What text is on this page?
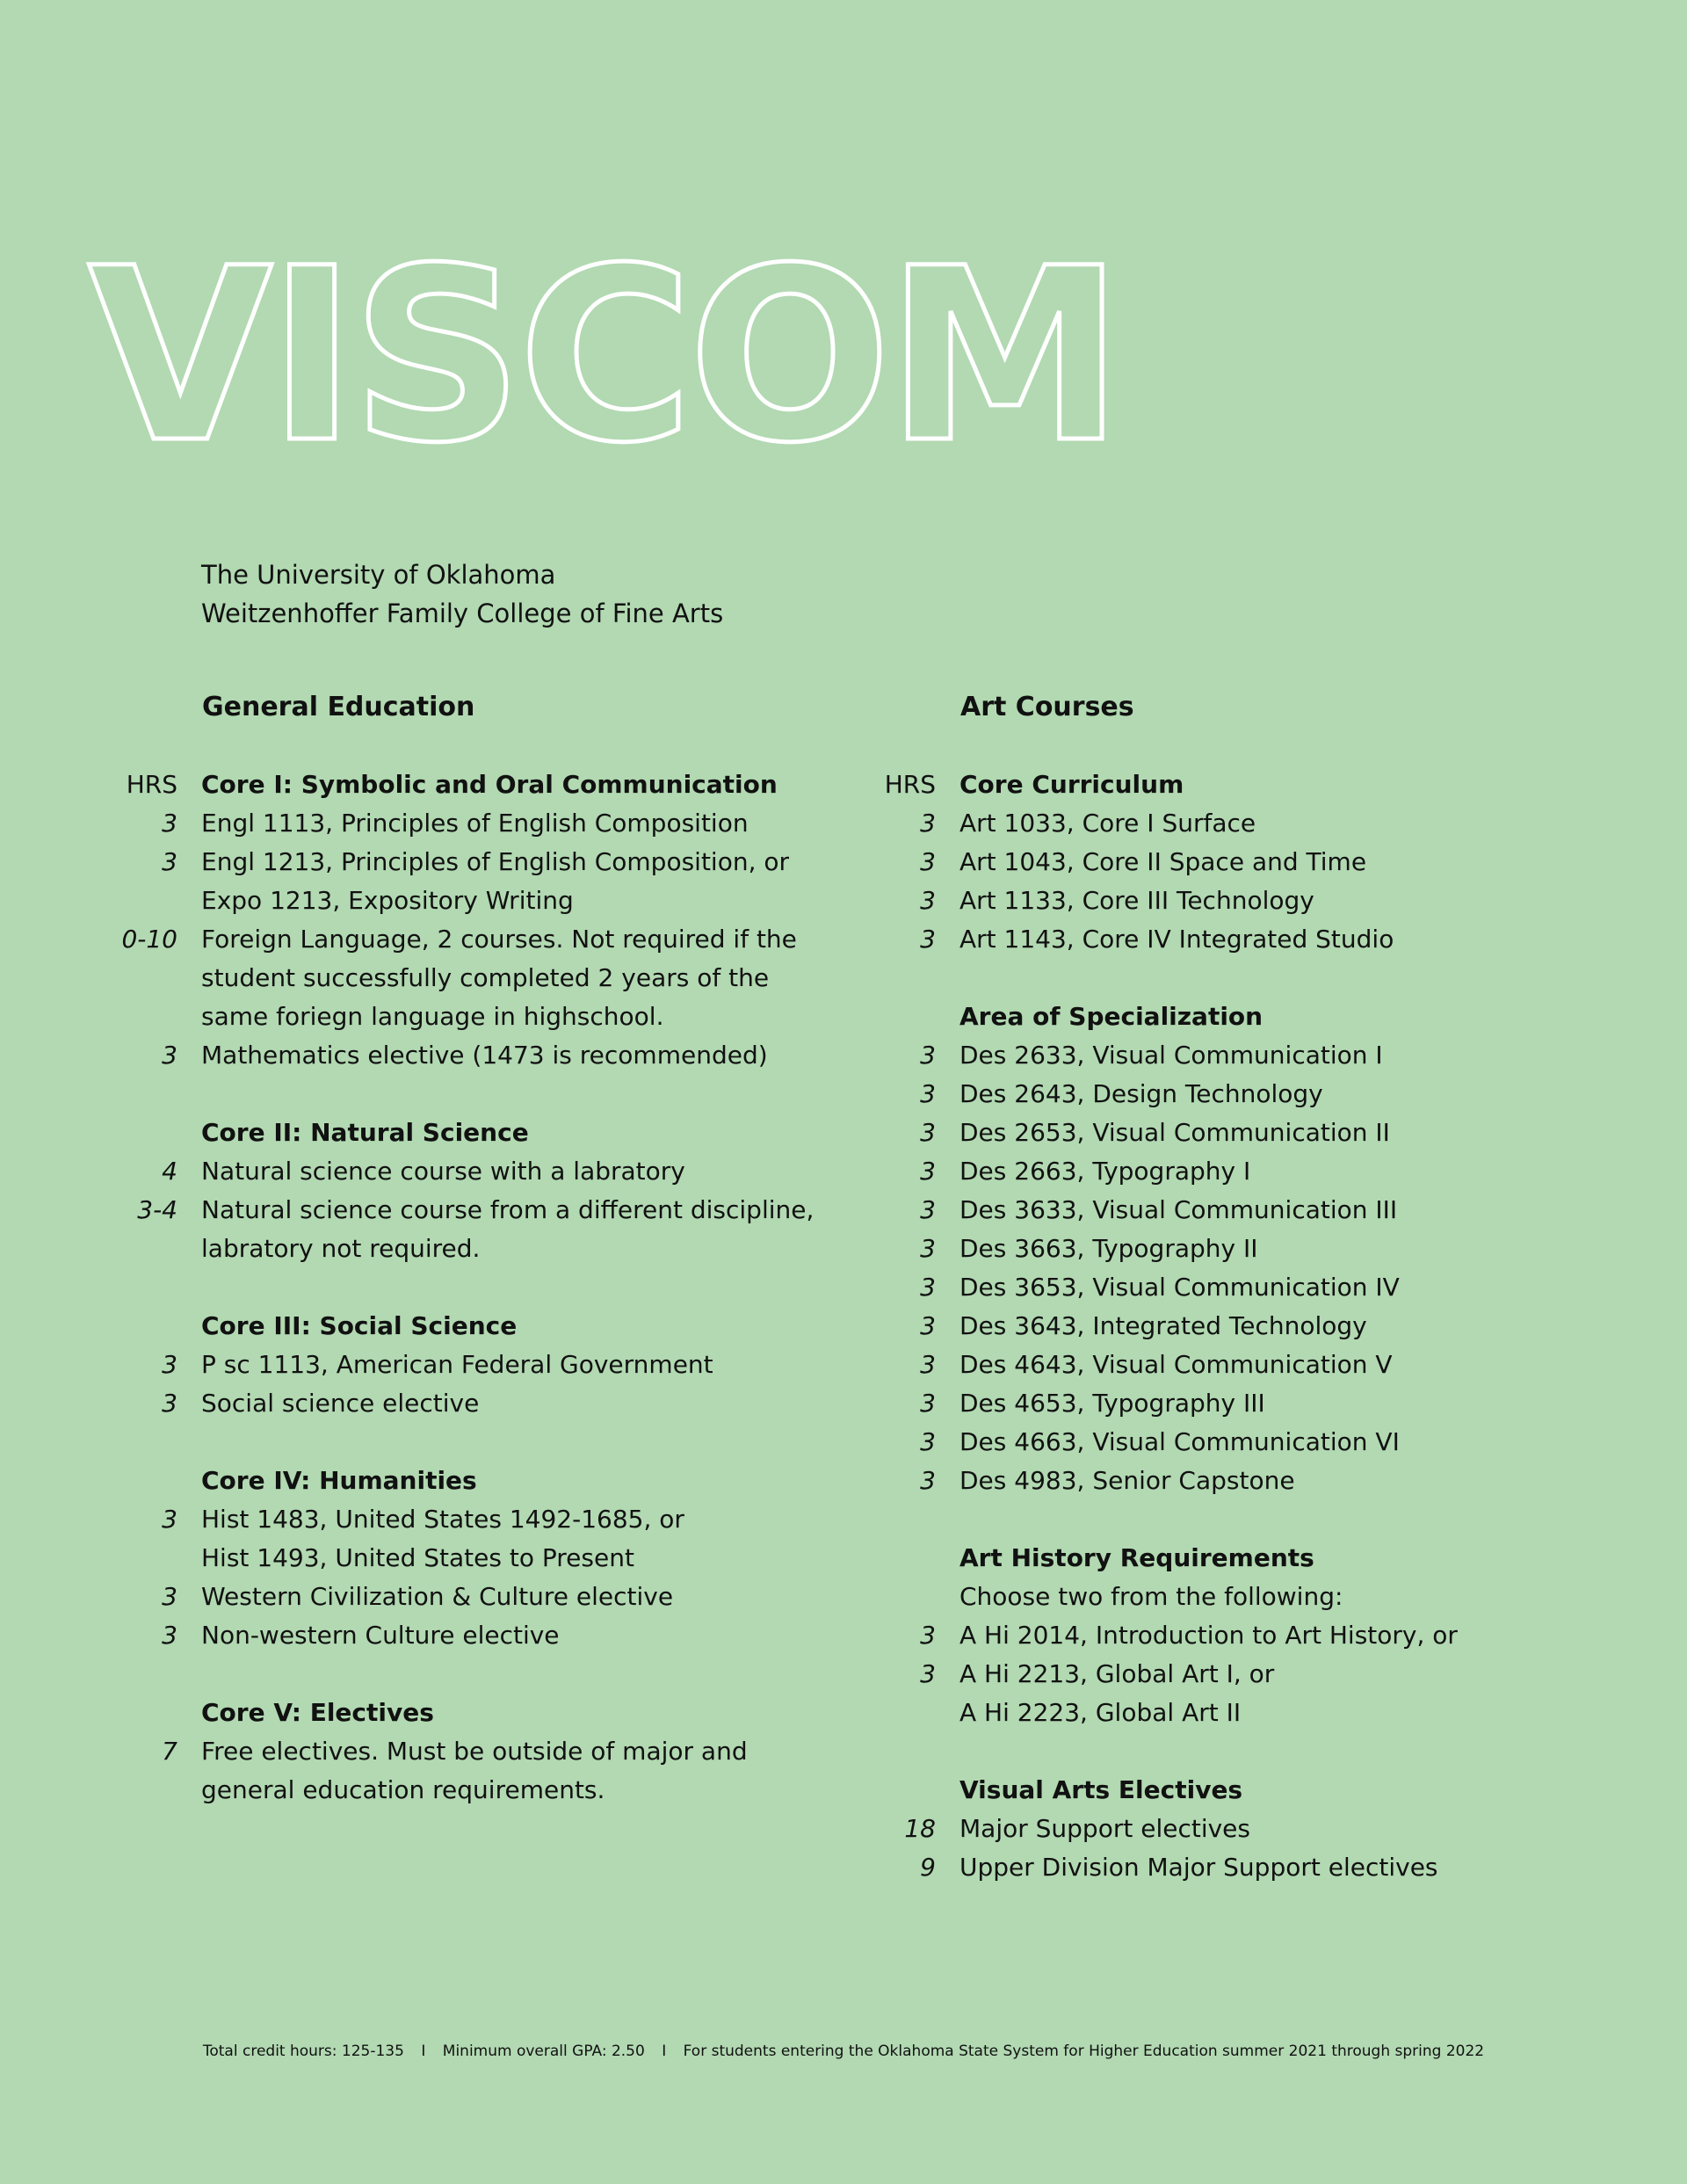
VISCOM
The University of Oklahoma
Weitzenhoffer Family College of Fine Arts
General Education
HRS Core I: Symbolic and Oral Communication
3 Engl 1113, Principles of English Composition
3 Engl 1213, Principles of English Composition, or
Expo 1213, Expository Writing
0-10 Foreign Language, 2 courses. Not required if the
student successfully completed 2 years of the
same foriegn language in highschool.
3 Mathematics elective (1473 is recommended)
Core II: Natural Science
4 Natural science course with a labratory
3-4 Natural science course from a different discipline,
labratory not required.
Core III: Social Science
3 P sc 1113, American Federal Government
3 Social science elective
Core IV: Humanities
3 Hist 1483, United States 1492-1685, or
Hist 1493, United States to Present
3 Western Civilization & Culture elective
3 Non-western Culture elective
Core V: Electives
7 Free electives. Must be outside of major and
general education requirements.
Art Courses
HRS Core Curriculum
3 Art 1033, Core I Surface
3 Art 1043, Core II Space and Time
3 Art 1133, Core III Technology
3 Art 1143, Core IV Integrated Studio
Area of Specialization
3 Des 2633, Visual Communication I
3 Des 2643, Design Technology
3 Des 2653, Visual Communication II
3 Des 2663, Typography I
3 Des 3633, Visual Communication III
3 Des 3663, Typography II
3 Des 3653, Visual Communication IV
3 Des 3643, Integrated Technology
3 Des 4643, Visual Communication V
3 Des 4653, Typography III
3 Des 4663, Visual Communication VI
3 Des 4983, Senior Capstone
Art History Requirements
Choose two from the following:
3 A Hi 2014, Introduction to Art History, or
3 A Hi 2213, Global Art I, or
A Hi 2223, Global Art II
Visual Arts Electives
18 Major Support electives
9 Upper Division Major Support electives
Total credit hours: 125-135 I Minimum overall GPA: 2.50 I For students entering the Oklahoma State System for Higher Education summer 2021 through spring 2022
